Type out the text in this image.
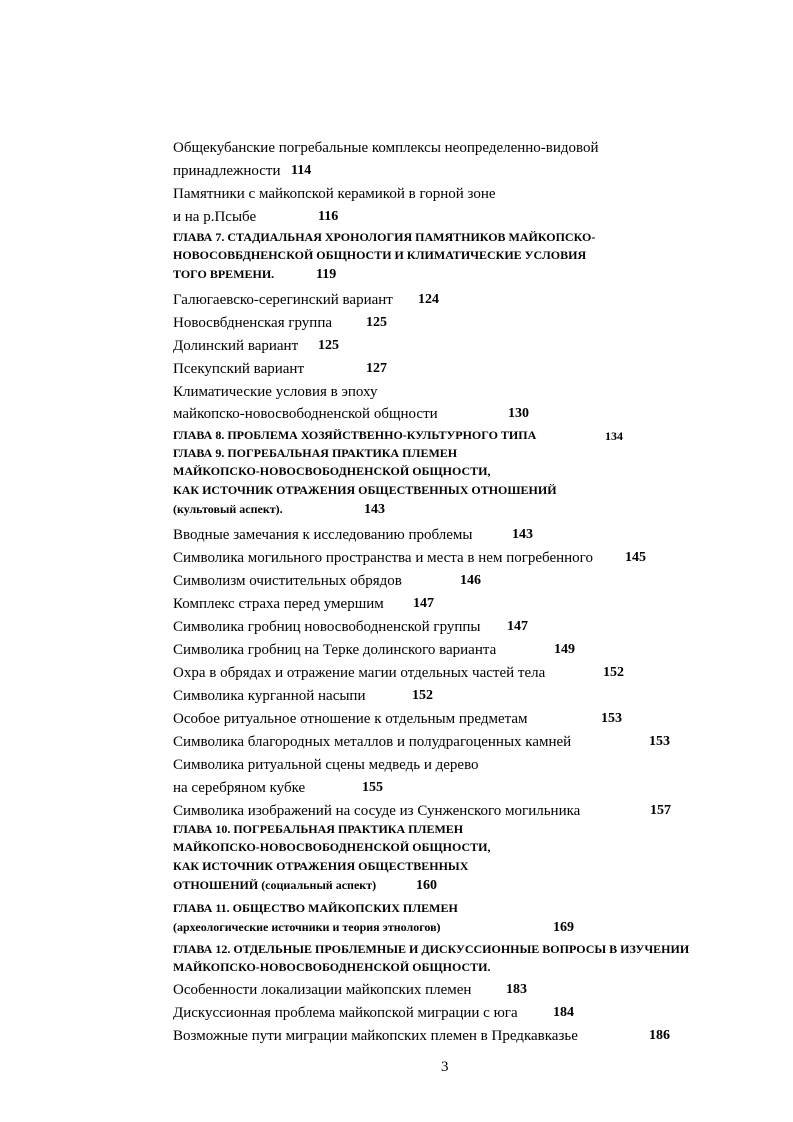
Общекубанские погребальные комплексы неопределенно-видовой
принадлежности 114
Памятники с майкопской керамикой в горной зоне
и на р.Псыбе	116
ГЛАВА 7. СТАДИАЛЬНАЯ ХРОНОЛОГИЯ ПАМЯТНИКОВ МАЙКОПСКО-
НОВОСОВБДНЕНСКОЙ ОБЩНОСТИ И КЛИМАТИЧЕСКИЕ УСЛОВИЯ
ТОГО ВРЕМЕНИ.	119
Галюгаевско-серегинский вариант 124
Новосвбдненская группа 125
Долинский вариант 125
Псекупский вариант	127
Климатические условия в эпоху
майкопско-новосвободненской общности	130
ГЛАВА 8. ПРОБЛЕМА ХОЗЯЙСТВЕННО-КУЛЬТУРНОГО ТИПА	134
ГЛАВА 9. ПОГРЕБАЛЬНАЯ ПРАКТИКА ПЛЕМЕН
МАЙКОПСКО-НОВОСВОБОДНЕНСКОЙ ОБЩНОСТИ,
КАК ИСТОЧНИК ОТРАЖЕНИЯ ОБЩЕСТВЕННЫХ ОТНОШЕНИЙ
(культовый аспект).	143
Вводные замечания к исследованию проблемы	143
Символика могильного пространства и места в нем погребенного 145
Символизм очистительных обрядов	146
Комплекс страха перед умершим 147
Символика гробниц новосвободненской группы 147
Символика гробниц на Терке долинского варианта	149
Охра в обрядах и отражение магии отдельных частей тела	152
Символика курганной насыпи	152
Особое ритуальное отношение к отдельным предметам	153
Символика благородных металлов и полудрагоценных камней	153
Символика ритуальной сцены медведь и дерево
на серебряном кубке	155
Символика изображений на сосуде из Сунженского могильника	157
ГЛАВА 10. ПОГРЕБАЛЬНАЯ ПРАКТИКА ПЛЕМЕН
МАЙКОПСКО-НОВОСВОБОДНЕНСКОЙ ОБЩНОСТИ,
КАК ИСТОЧНИК ОТРАЖЕНИЯ ОБЩЕСТВЕННЫХ
ОТНОШЕНИЙ (социальный аспект)	160
ГЛАВА 11. ОБЩЕСТВО МАЙКОПСКИХ ПЛЕМЕН
(археологические источники и теория этнологов)	169
ГЛАВА 12. ОТДЕЛЬНЫЕ ПРОБЛЕМНЫЕ И ДИСКУССИОННЫЕ ВОПРОСЫ В ИЗУЧЕНИИ
МАЙКОПСКО-НОВОСВОБОДНЕНСКОЙ ОБЩНОСТИ.
Особенности локализации майкопских племен 183
Дискуссионная проблема майкопской миграции с юга	184
Возможные пути миграции майкопских племен в Предкавказье	186
3
